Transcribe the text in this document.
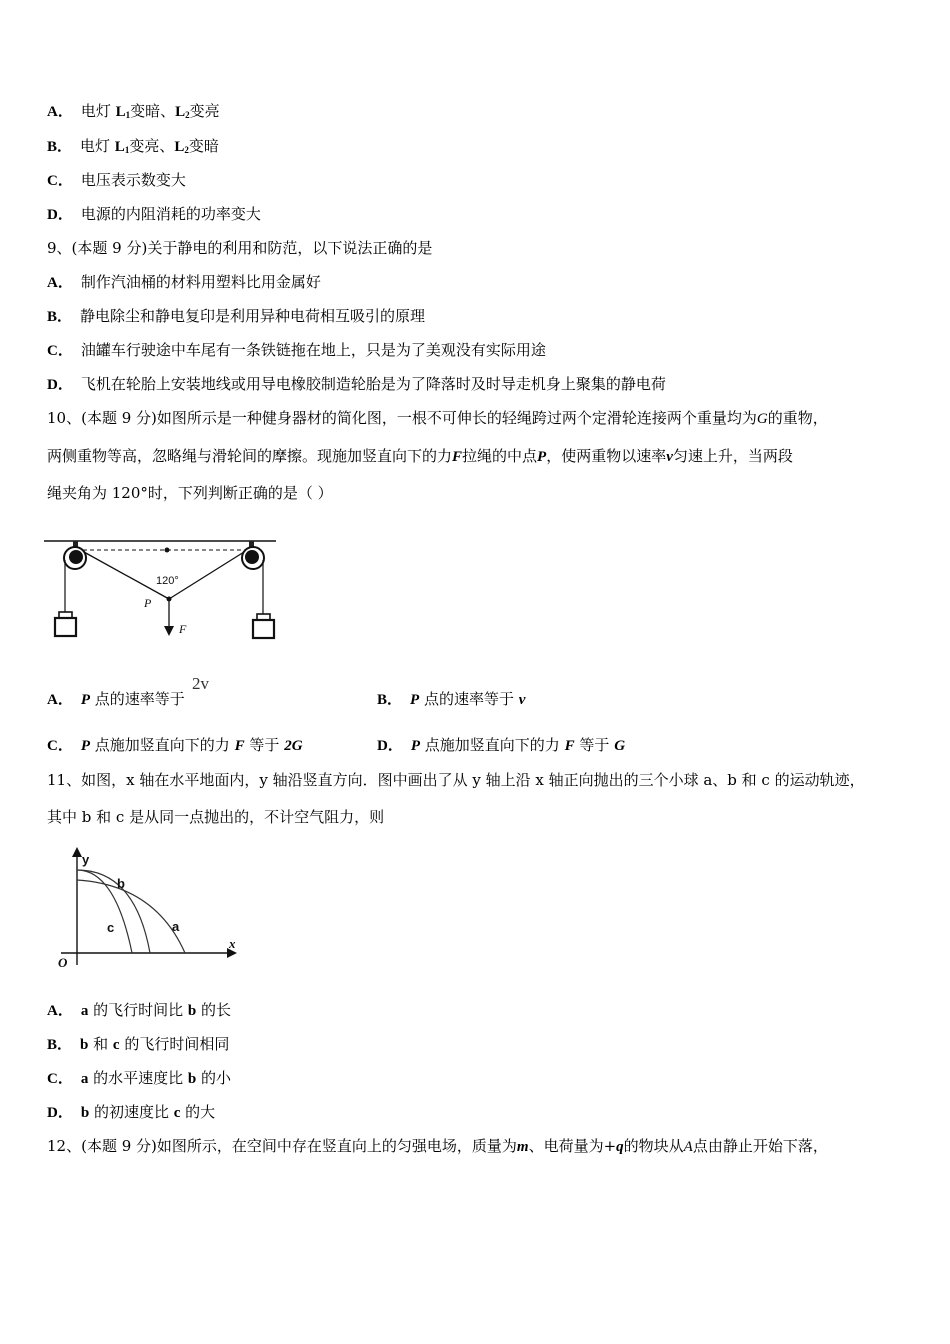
A． 电灯 $L_1$变暗、$L_2$变亮
B． 电灯 $L_1$变亮、$L_2$变暗
C． 电压表示数变大
D． 电源的内阻消耗的功率变大
9、(本题 9 分)关于静电的利用和防范，以下说法正确的是
A． 制作汽油桶的材料用塑料比用金属好
B． 静电除尘和静电复印是利用异种电荷相互吸引的原理
C． 油罐车行驶途中车尾有一条铁链拖在地上，只是为了美观没有实际用途
D． 飞机在轮胎上安装地线或用导电橡胶制造轮胎是为了降落时及时导走机身上聚集的静电荷
10、(本题 9 分)如图所示是一种健身器材的简化图，一根不可伸长的轻绳跨过两个定滑轮连接两个重量均为G的重物，
两侧重物等高，忽略绳与滑轮间的摩擦。现施加竖直向下的力F拉绳的中点P，使两重物以速率v匀速上升，当两段
绳夹角为 120°时，下列判断正确的是（ ）
120°
P
F
A． P 点的速率等于
2v
B． P 点的速率等于 v
C． P 点施加竖直向下的力 F 等于 2G	D． P 点施加竖直向下的力 F 等于 G
11、如图，x 轴在水平地面内，y 轴沿竖直方向．图中画出了从 y 轴上沿 x 轴正向抛出的三个小球 a、b 和 c 的运动轨迹，
其中 b 和 c 是从同一点抛出的，不计空气阻力，则
y
x
O
b
c	a
A． a 的飞行时间比 b 的长
B． b 和 c 的飞行时间相同
C． a 的水平速度比 b 的小
D． b 的初速度比 c 的大
12、(本题 9 分)如图所示，在空间中存在竖直向上的匀强电场，质量为m、电荷量为+q的物块从A点由静止开始下落，
